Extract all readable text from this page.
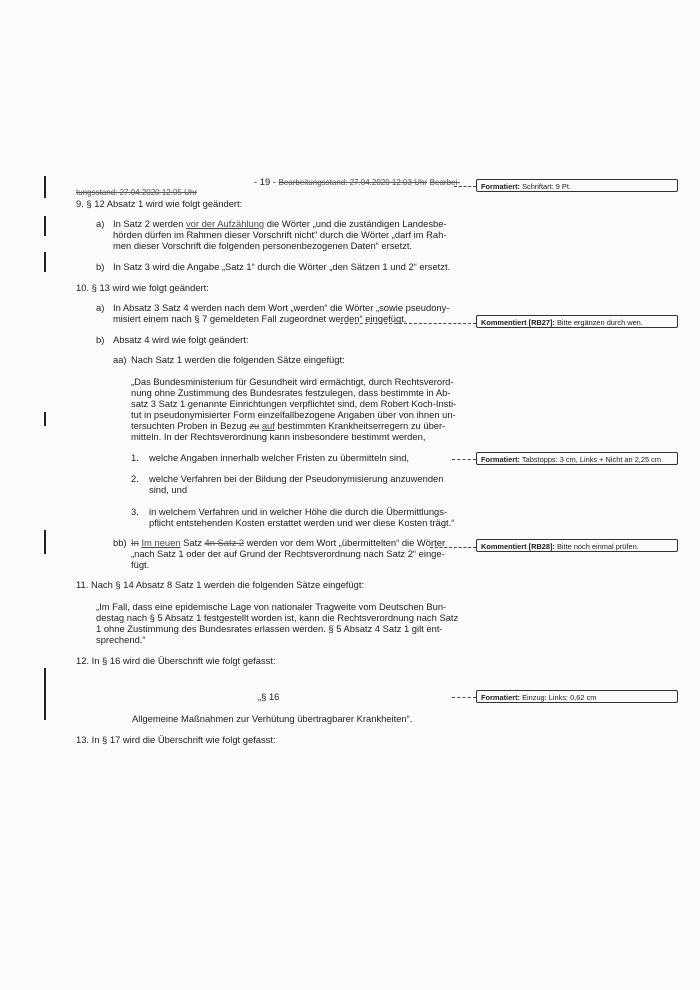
- 19 - Bearbeitungsstand: 27.04.2020 12:03 Uhr Bearbei-
tungsstand: 27.04.2020 12:05 Uhr
9. § 12 Absatz 1 wird wie folgt geändert:
a) In Satz 2 werden vor der Aufzählung die Wörter „und die zuständigen Landesbe-
hörden dürfen im Rahmen dieser Vorschrift nicht“ durch die Wörter „darf im Rah-
men dieser Vorschrift die folgenden personenbezogenen Daten“ ersetzt.
b) In Satz 3 wird die Angabe „Satz 1“ durch die Wörter „den Sätzen 1 und 2“ ersetzt.
10. § 13 wird wie folgt geändert:
a) In Absatz 3 Satz 4 werden nach dem Wort „werden“ die Wörter „sowie pseudony-
misiert einem nach § 7 gemeldeten Fall zugeordnet werden“ eingefügt.
b) Absatz 4 wird wie folgt geändert:
aa) Nach Satz 1 werden die folgenden Sätze eingefügt:
„Das Bundesministerium für Gesundheit wird ermächtigt, durch Rechtsverord-
nung ohne Zustimmung des Bundesrates festzulegen, dass bestimmte in Ab-
satz 3 Satz 1 genannte Einrichtungen verpflichtet sind, dem Robert Koch-Insti-
tut in pseudonymisierter Form einzelfallbezogene Angaben über von ihnen un-
tersuchten Proben in Bezug zu auf bestimmten Krankheitserregern zu über-
mitteln. In der Rechtsverordnung kann insbesondere bestimmt werden,
1. welche Angaben innerhalb welcher Fristen zu übermitteln sind,
2. welche Verfahren bei der Bildung der Pseudonymisierung anzuwenden
sind, und
3. in welchem Verfahren und in welcher Höhe die durch die Übermittlungs-
pflicht entstehenden Kosten erstattet werden und wer diese Kosten trägt.“
bb) In Im neuen Satz 4n Satz 2 werden vor dem Wort „übermittelten“ die Wörter
„nach Satz 1 oder der auf Grund der Rechtsverordnung nach Satz 2“ einge-
fügt.
11. Nach § 14 Absatz 8 Satz 1 werden die folgenden Sätze eingefügt:
„Im Fall, dass eine epidemische Lage von nationaler Tragweite vom Deutschen Bun-
destag nach § 5 Absatz 1 festgestellt worden ist, kann die Rechtsverordnung nach Satz
1 ohne Zustimmung des Bundesrates erlassen werden. § 5 Absatz 4 Satz 1 gilt ent-
sprechend.“
12. In § 16 wird die Überschrift wie folgt gefasst:
„§ 16
Allgemeine Maßnahmen zur Verhütung übertragbarer Krankheiten“.
13. In § 17 wird die Überschrift wie folgt gefasst:
Formatiert: Schriftart: 9 Pt.
Kommentiert [RB27]: Bitte ergänzen durch wen.
Formatiert: Tabstopps: 3 cm, Links + Nicht an 2,25 cm
Kommentiert [RB28]: Bitte noch einmal prüfen.
Formatiert: Einzug: Links: 0,62 cm
